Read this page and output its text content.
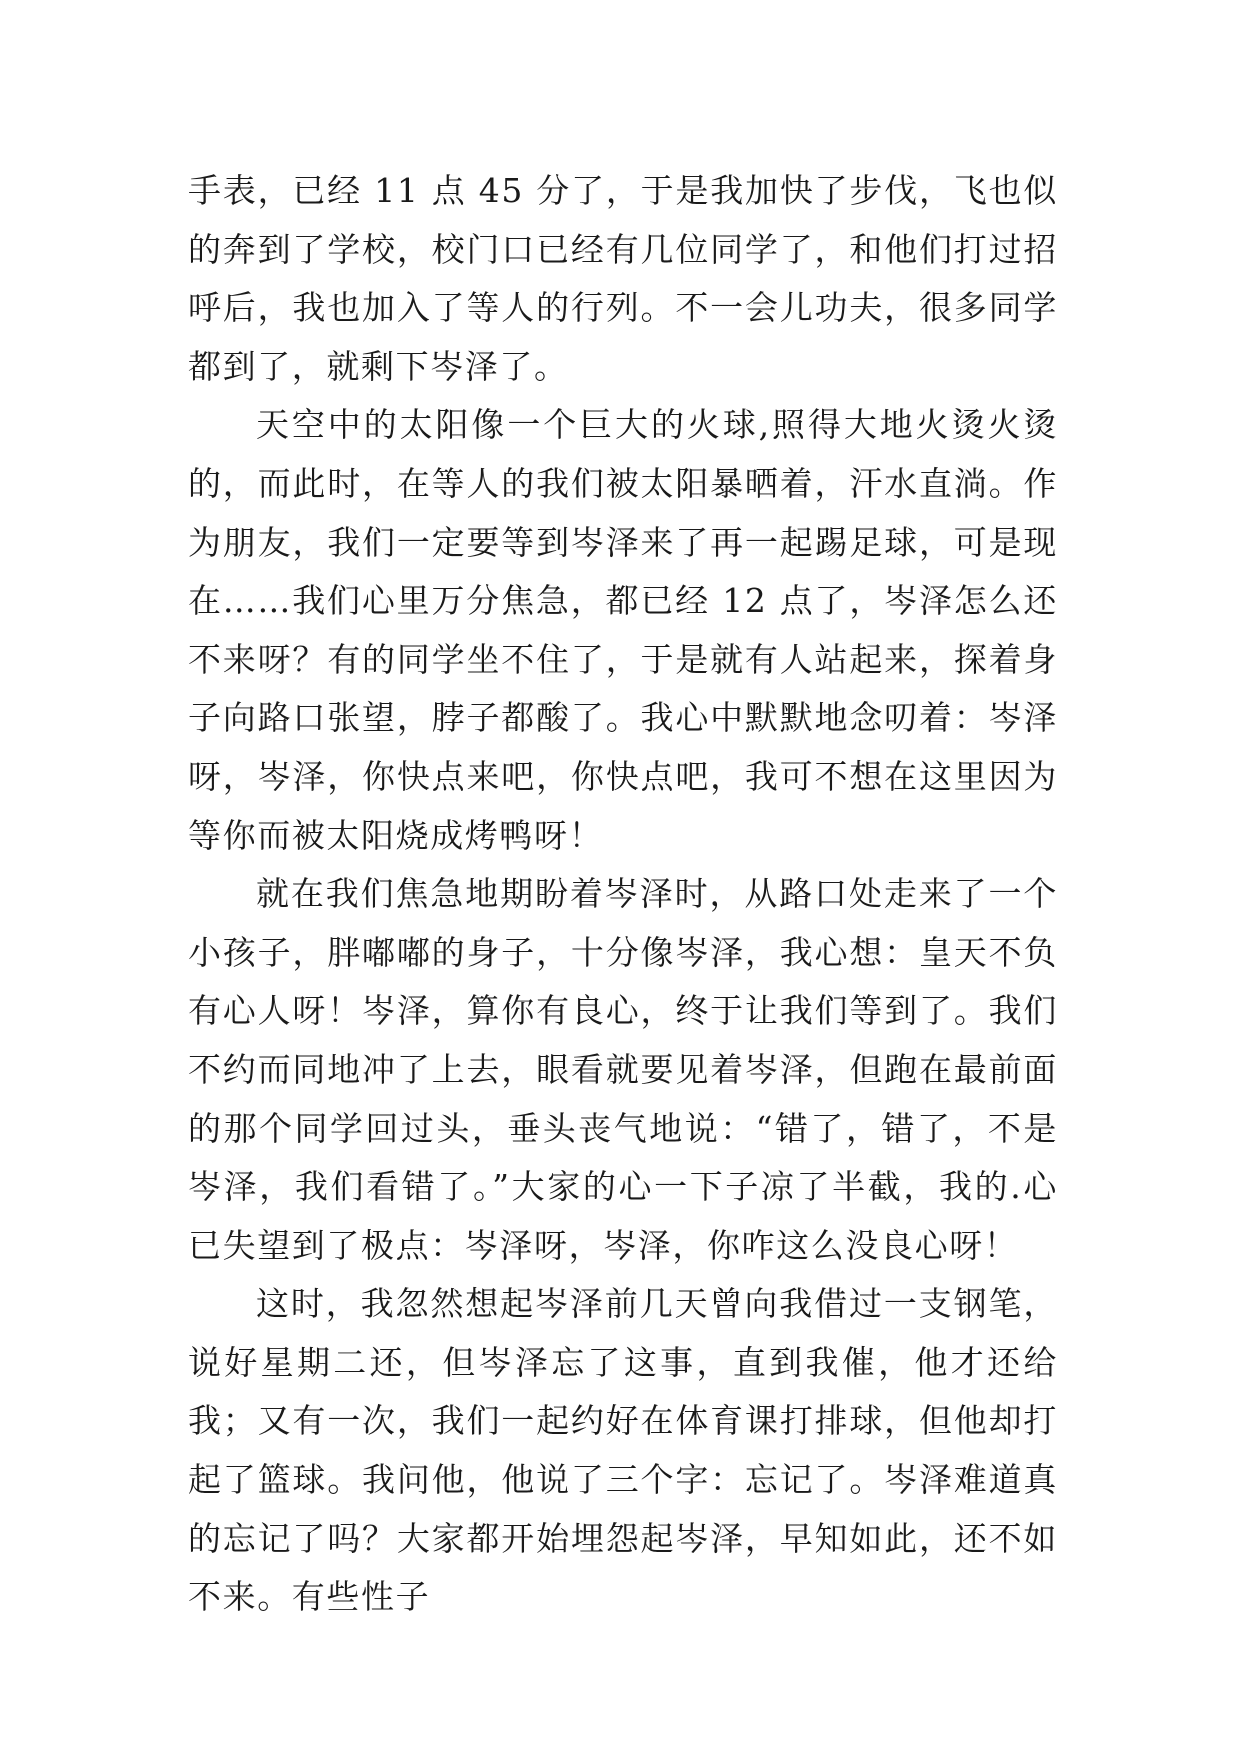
手表，已经 11 点 45 分了，于是我加快了步伐，飞也似的奔到了学校，校门口已经有几位同学了，和他们打过招呼后，我也加入了等人的行列。不一会儿功夫，很多同学都到了，就剩下岑泽了。

天空中的太阳像一个巨大的火球,照得大地火烫火烫的，而此时，在等人的我们被太阳暴晒着，汗水直淌。作为朋友，我们一定要等到岑泽来了再一起踢足球，可是现在……我们心里万分焦急，都已经 12 点了，岑泽怎么还不来呀？有的同学坐不住了，于是就有人站起来，探着身子向路口张望，脖子都酸了。我心中默默地念叨着：岑泽呀，岑泽，你快点来吧，你快点吧，我可不想在这里因为等你而被太阳烧成烤鸭呀！

就在我们焦急地期盼着岑泽时，从路口处走来了一个小孩子，胖嘟嘟的身子，十分像岑泽，我心想：皇天不负有心人呀！岑泽，算你有良心，终于让我们等到了。我们不约而同地冲了上去，眼看就要见着岑泽，但跑在最前面的那个同学回过头，垂头丧气地说：“错了，错了，不是岑泽，我们看错了。”大家的心一下子凉了半截，我的.心已失望到了极点：岑泽呀，岑泽，你咋这么没良心呀！

这时，我忽然想起岑泽前几天曾向我借过一支钢笔，说好星期二还，但岑泽忘了这事，直到我催，他才还给我；又有一次，我们一起约好在体育课打排球，但他却打起了篮球。我问他，他说了三个字：忘记了。岑泽难道真的忘记了吗？大家都开始埋怨起岑泽，早知如此，还不如不来。有些性子
